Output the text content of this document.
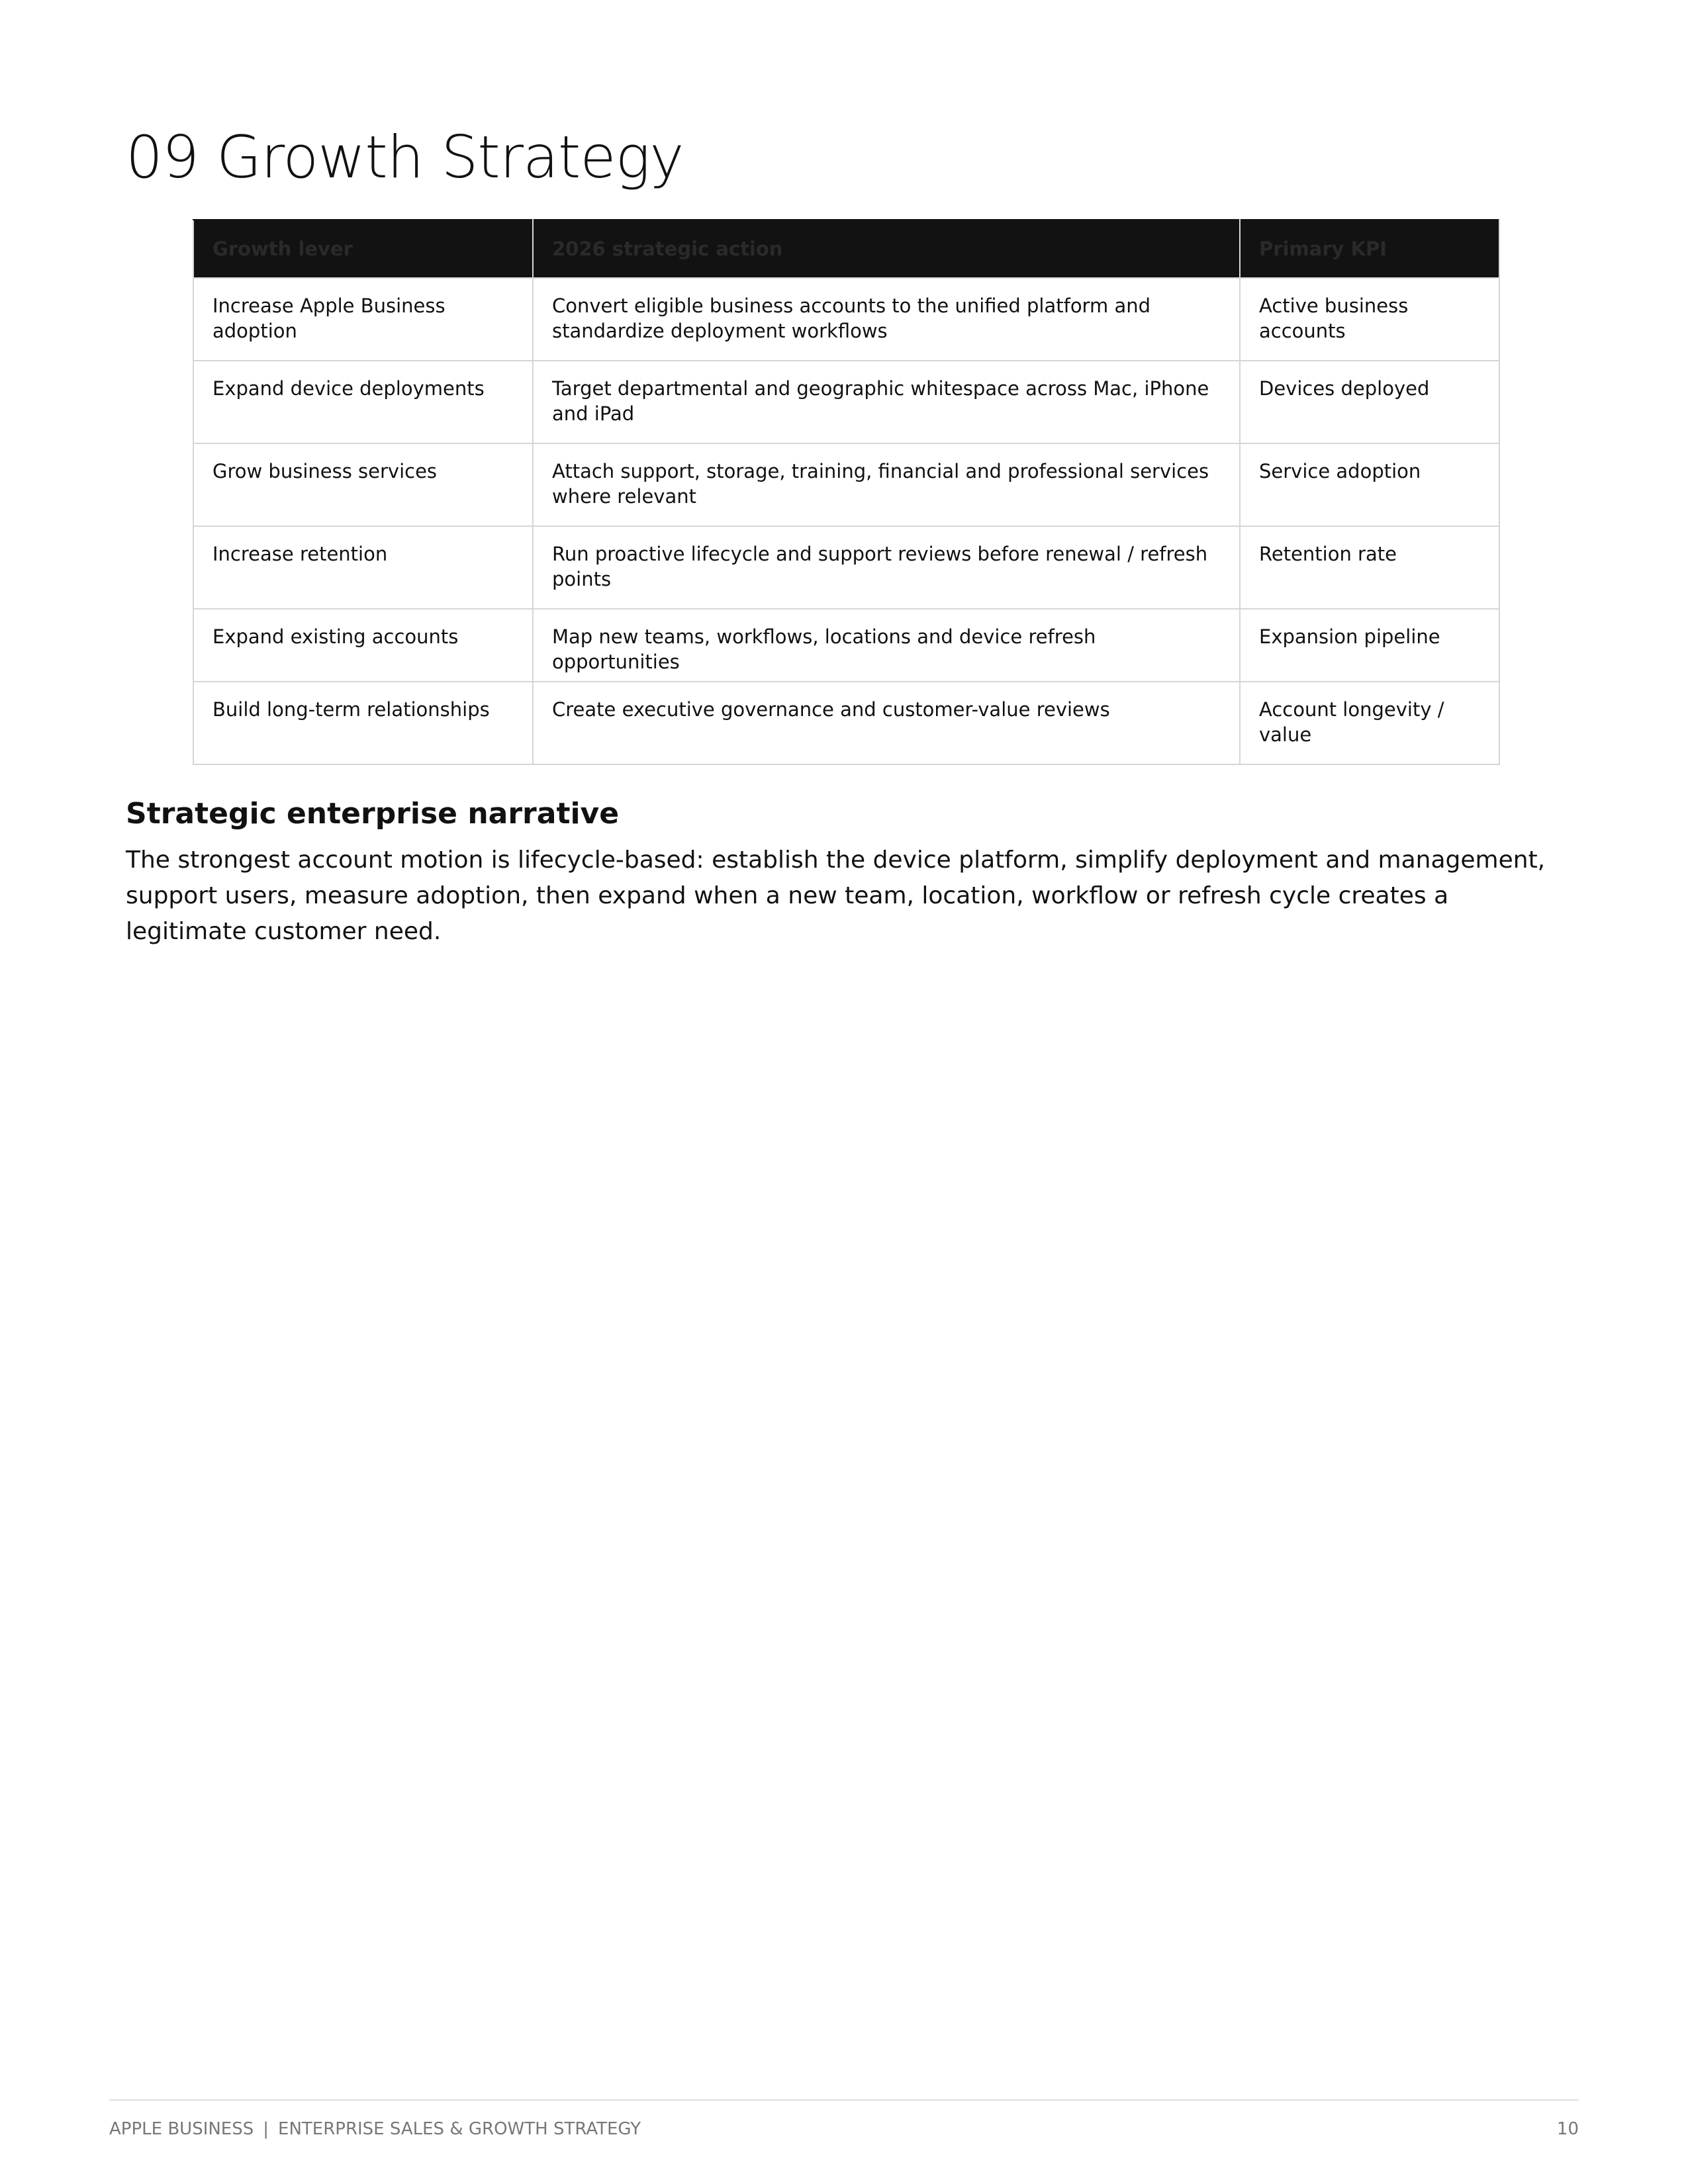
09 Growth Strategy
Growth lever	2026 strategic action	Primary KPI
Increase Apple Business adoption	Convert eligible business accounts to the unified platform and standardize deployment workflows	Active business accounts
Expand device deployments	Target departmental and geographic whitespace across Mac, iPhone and iPad	Devices deployed
Grow business services	Attach support, storage, training, financial and professional services where relevant	Service adoption
Increase retention	Run proactive lifecycle and support reviews before renewal / refresh points	Retention rate
Expand existing accounts	Map new teams, workflows, locations and device refresh opportunities	Expansion pipeline
Build long-term relationships	Create executive governance and customer-value reviews	Account longevity / value
Strategic enterprise narrative

The strongest account motion is lifecycle-based: establish the device platform, simplify deployment and management, support users, measure adoption, then expand when a new team, location, workflow or refresh cycle creates a legitimate customer need.

APPLE BUSINESS | ENTERPRISE SALES & GROWTH STRATEGY	10
